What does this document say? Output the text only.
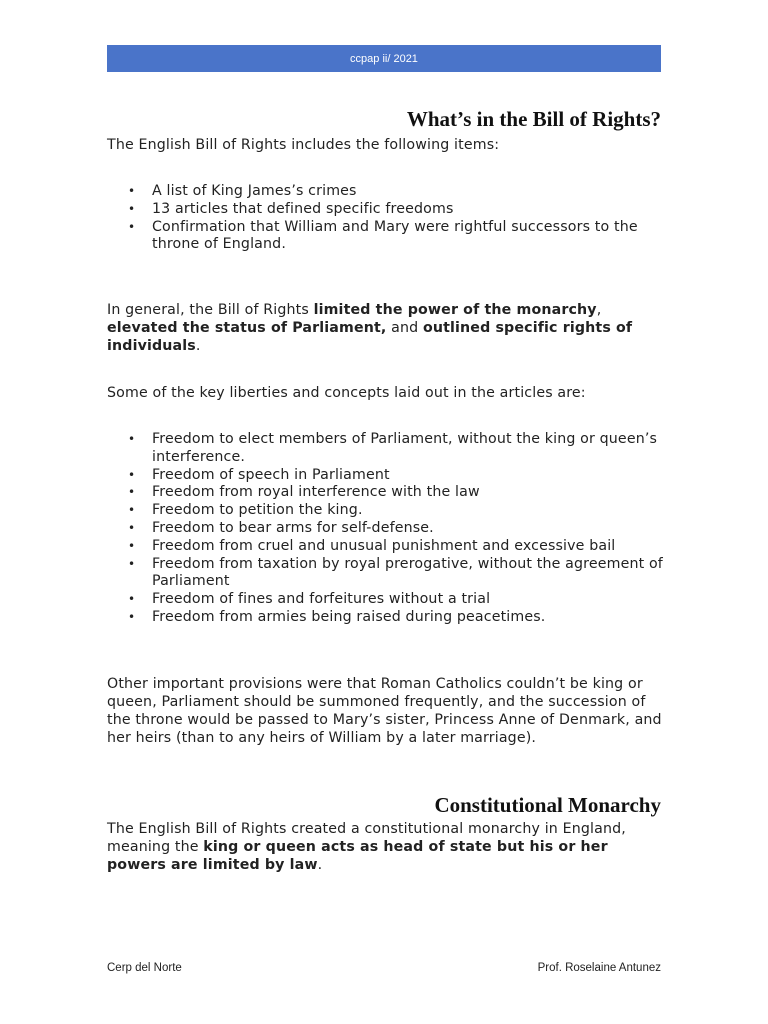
ccpap ii/ 2021
What’s in the Bill of Rights?

The English Bill of Rights includes the following items:

• A list of King James’s crimes
• 13 articles that defined specific freedoms
• Confirmation that William and Mary were rightful successors to the throne of England.

In general, the Bill of Rights limited the power of the monarchy, elevated the status of Parliament, and outlined specific rights of individuals.

Some of the key liberties and concepts laid out in the articles are:

• Freedom to elect members of Parliament, without the king or queen’s interference.
• Freedom of speech in Parliament
• Freedom from royal interference with the law
• Freedom to petition the king.
• Freedom to bear arms for self-defense.
• Freedom from cruel and unusual punishment and excessive bail
• Freedom from taxation by royal prerogative, without the agreement of Parliament
• Freedom of fines and forfeitures without a trial
• Freedom from armies being raised during peacetimes.

Other important provisions were that Roman Catholics couldn’t be king or queen, Parliament should be summoned frequently, and the succession of the throne would be passed to Mary’s sister, Princess Anne of Denmark, and her heirs (than to any heirs of William by a later marriage).

Constitutional Monarchy

The English Bill of Rights created a constitutional monarchy in England, meaning the king or queen acts as head of state but his or her powers are limited by law.

Cerp del Norte	Prof. Roselaine Antunez
